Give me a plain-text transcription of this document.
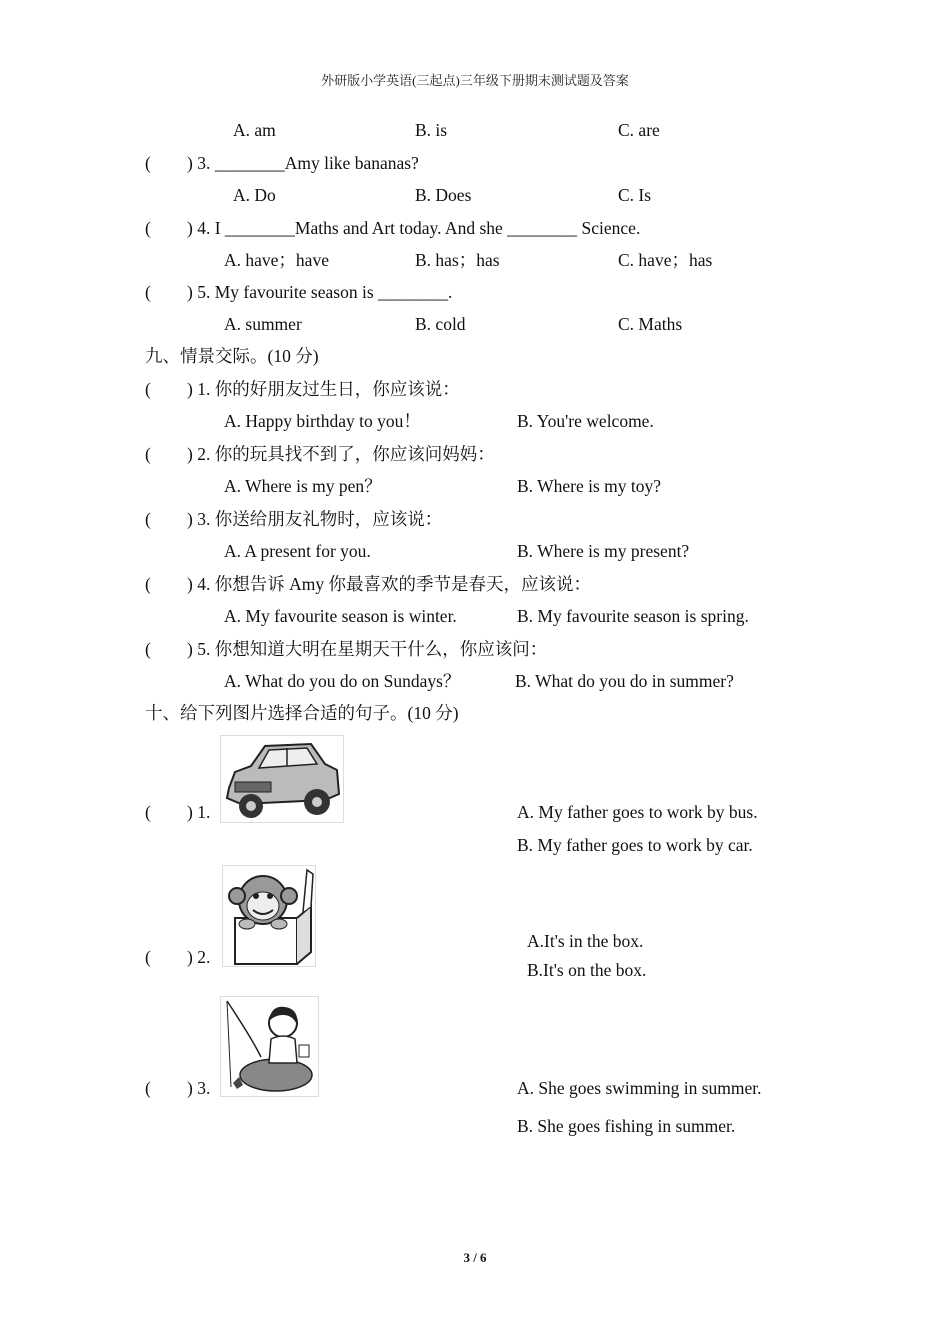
外研版小学英语(三起点)三年级下册期末测试题及答案
A. am	B. is	C. are
( ) 3. ________Amy like bananas?
A. Do	B. Does	C. Is
( ) 4. I ________Maths and Art today. And she ________ Science.
A. have；have	B. has；has	C. have；has
( ) 5. My favourite season is ________.
A. summer	B. cold	C. Maths
九、情景交际。(10 分)
( ) 1. 你的好朋友过生日，你应该说：
A. Happy birthday to you！	B. You're welcome.
( ) 2. 你的玩具找不到了，你应该问妈妈：
A. Where is my pen？	B. Where is my toy?
( ) 3. 你送给朋友礼物时，应该说：
A. A present for you.	B. Where is my present?
( ) 4. 你想告诉 Amy 你最喜欢的季节是春天，应该说：
A. My favourite season is winter.	B. My favourite season is spring.
( ) 5. 你想知道大明在星期天干什么，你应该问：
A. What do you do on Sundays？	B. What do you do in summer?
十、给下列图片选择合适的句子。(10 分)
( ) 1.	A. My father goes to work by bus.
B. My father goes to work by car.
( ) 2.
A.It's in the box.
B.It's on the box.
( ) 3.	A. She goes swimming in summer.
B. She goes fishing in summer.
3 / 6
